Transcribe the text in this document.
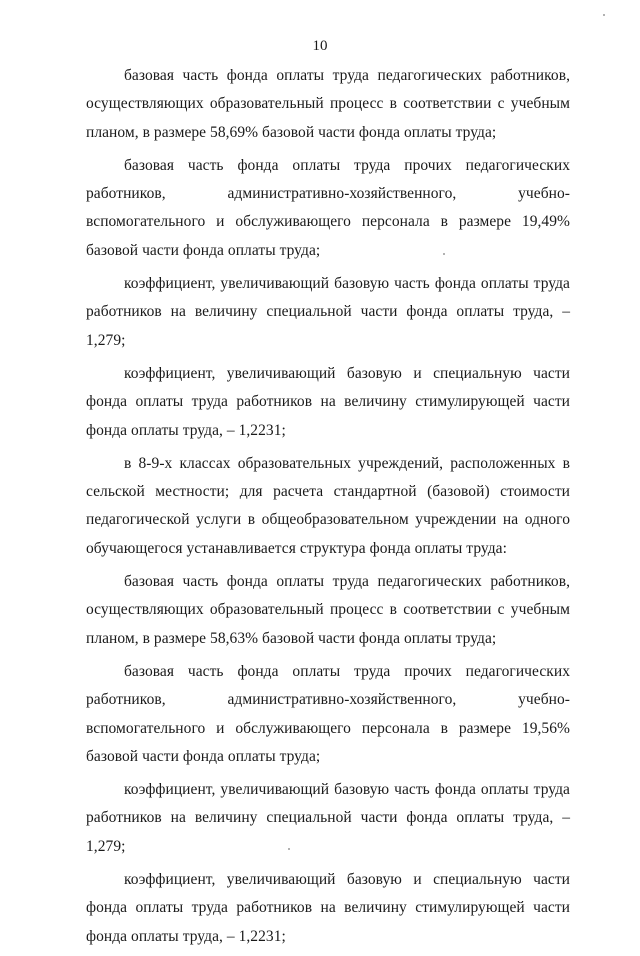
10

базовая часть фонда оплаты труда педагогических работников, осуществляющих образовательный процесс в соответствии с учебным планом, в размере 58,69% базовой части фонда оплаты труда;

базовая часть фонда оплаты труда прочих педагогических работников, административно-хозяйственного, учебно-вспомогательного и обслуживающего персонала в размере 19,49% базовой части фонда оплаты труда;

коэффициент, увеличивающий базовую часть фонда оплаты труда работников на величину специальной части фонда оплаты труда, – 1,279;

коэффициент, увеличивающий базовую и специальную части фонда оплаты труда работников на величину стимулирующей части фонда оплаты труда, – 1,2231;

в 8-9-х классах образовательных учреждений, расположенных в сельской местности; для расчета стандартной (базовой) стоимости педагогической услуги в общеобразовательном учреждении на одного обучающегося устанавливается структура фонда оплаты труда:

базовая часть фонда оплаты труда педагогических работников, осуществляющих образовательный процесс в соответствии с учебным планом, в размере 58,63% базовой части фонда оплаты труда;

базовая часть фонда оплаты труда прочих педагогических работников, административно-хозяйственного, учебно-вспомогательного и обслуживающего персонала в размере 19,56% базовой части фонда оплаты труда;

коэффициент, увеличивающий базовую часть фонда оплаты труда работников на величину специальной части фонда оплаты труда, – 1,279;

коэффициент, увеличивающий базовую и специальную части фонда оплаты труда работников на величину стимулирующей части фонда оплаты труда, – 1,2231;
